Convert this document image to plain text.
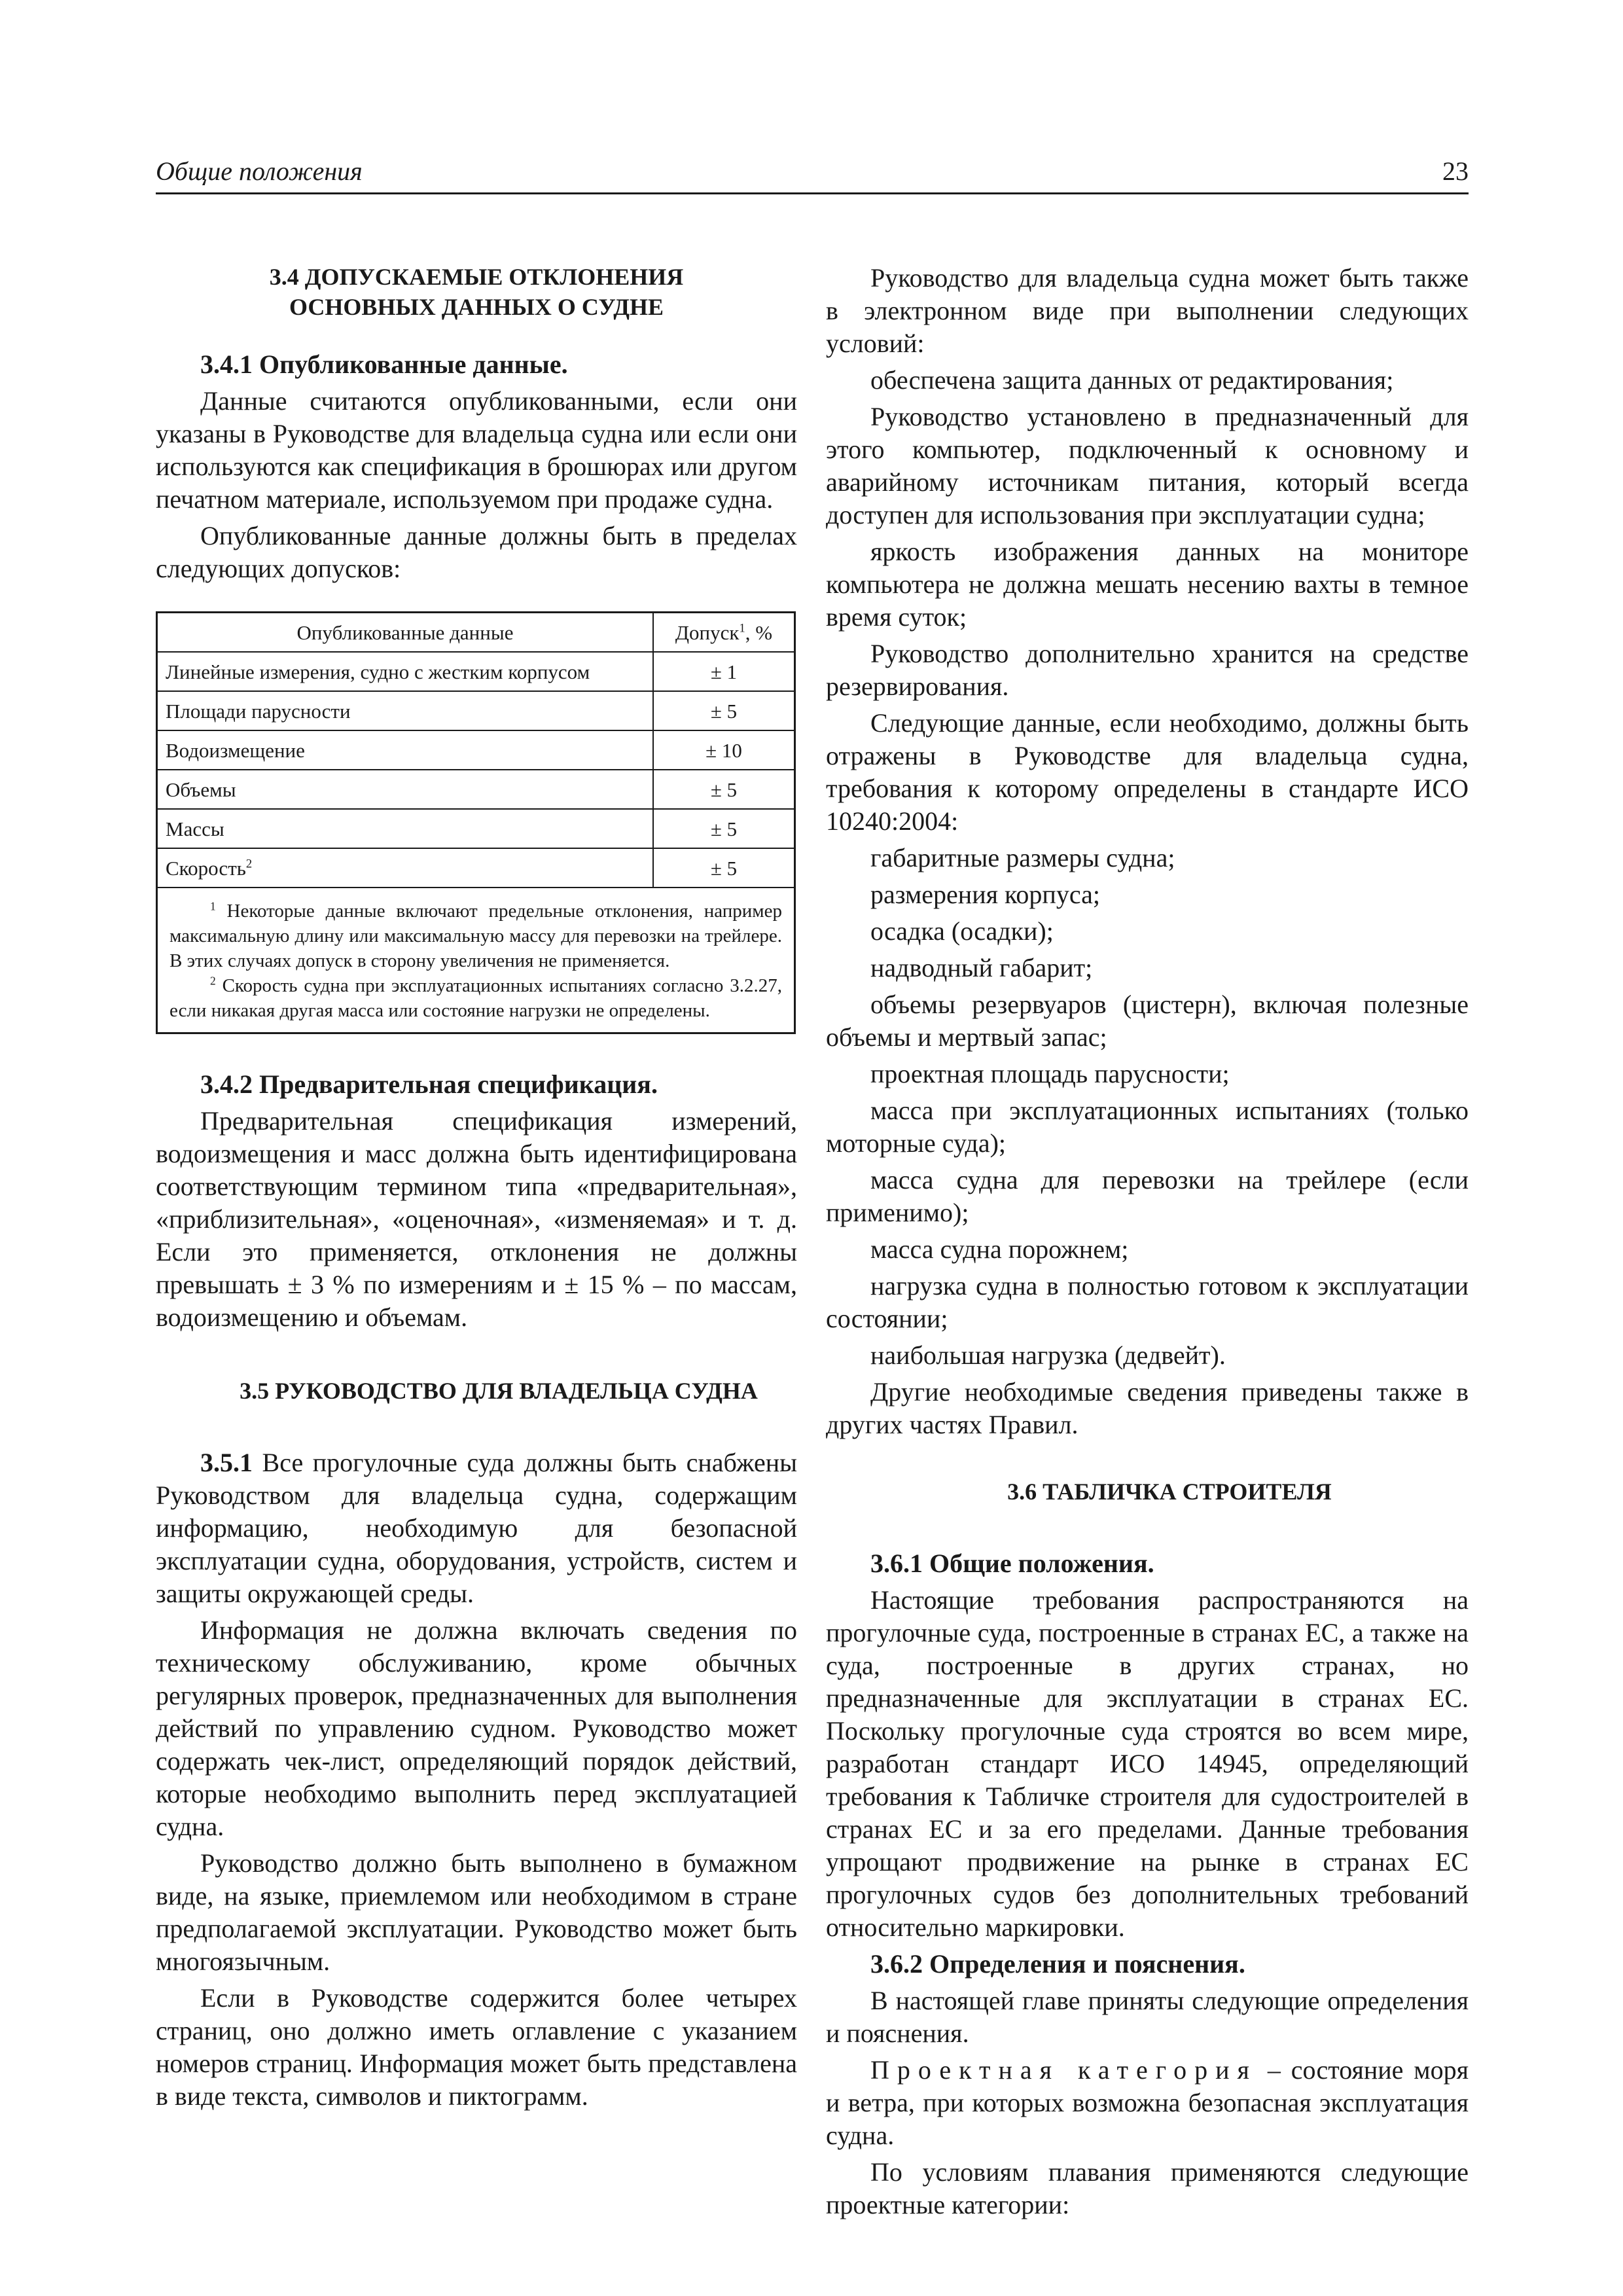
Общие положения	23
3.4 ДОПУСКАЕМЫЕ ОТКЛОНЕНИЯ
ОСНОВНЫХ ДАННЫХ О СУДНЕ

3.4.1 Опубликованные данные.

Данные считаются опубликованными, если они указаны в Руководстве для владельца судна или если они используются как спецификация в брошюрах или другом печатном материале, используемом при продаже судна.

Опубликованные данные должны быть в пределах следующих допусков:

Опубликованные данные	Допуск$^1$, %
Линейные измерения, судно с жестким корпусом	± 1
Площади парусности	± 5
Водоизмещение	± 10
Объемы	± 5
Массы	± 5
Скорость$^2$	± 5

$^1$ Некоторые данные включают предельные отклонения, например максимальную длину или максимальную массу для перевозки на трейлере. В этих случаях допуск в сторону увеличения не применяется.
$^2$ Скорость судна при эксплуатационных испытаниях согласно 3.2.27, если никакая другая масса или состояние нагрузки не определены.	

3.4.2 Предварительная спецификация.

Предварительная спецификация измерений, водоизмещения и масс должна быть идентифицирована соответствующим термином типа «предварительная», «приблизительная», «оценочная», «изменяемая» и т. д. Если это применяется, отклонения не должны превышать ± 3 % по измерениям и ± 15 % – по массам, водоизмещению и объемам.

3.5 РУКОВОДСТВО ДЛЯ ВЛАДЕЛЬЦА СУДНА

3.5.1 Все прогулочные суда должны быть снабжены Руководством для владельца судна, содержащим информацию, необходимую для безопасной эксплуатации судна, оборудования, устройств, систем и защиты окружающей среды.

Информация не должна включать сведения по техническому обслуживанию, кроме обычных регулярных проверок, предназначенных для выполнения действий по управлению судном. Руководство может содержать чек-лист, определяющий порядок действий, которые необходимо выполнить перед эксплуатацией судна.

Руководство должно быть выполнено в бумажном виде, на языке, приемлемом или необходимом в стране предполагаемой эксплуатации. Руководство может быть многоязычным.

Если в Руководстве содержится более четырех страниц, оно должно иметь оглавление с указанием номеров страниц. Информация может быть представлена в виде текста, символов и пиктограмм.

Руководство для владельца судна может быть также в электронном виде при выполнении следующих условий:

обеспечена защита данных от редактирования;

Руководство установлено в предназначенный для этого компьютер, подключенный к основному и аварийному источникам питания, который всегда доступен для использования при эксплуатации судна;

яркость изображения данных на мониторе компьютера не должна мешать несению вахты в темное время суток;

Руководство дополнительно хранится на средстве резервирования.

Следующие данные, если необходимо, должны быть отражены в Руководстве для владельца судна, требования к которому определены в стандарте ИСО 10240:2004:

габаритные размеры судна;

размерения корпуса;

осадка (осадки);

надводный габарит;

объемы резервуаров (цистерн), включая полезные объемы и мертвый запас;

проектная площадь парусности;

масса при эксплуатационных испытаниях (только моторные суда);

масса судна для перевозки на трейлере (если применимо);

масса судна порожнем;

нагрузка судна в полностью готовом к эксплуатации состоянии;

наибольшая нагрузка (дедвейт).

Другие необходимые сведения приведены также в других частях Правил.

3.6 ТАБЛИЧКА СТРОИТЕЛЯ

3.6.1 Общие положения.

Настоящие требования распространяются на прогулочные суда, построенные в странах ЕС, а также на суда, построенные в других странах, но предназначенные для эксплуатации в странах ЕС. Поскольку прогулочные суда строятся во всем мире, разработан стандарт ИСО 14945, определяющий требования к Табличке строителя для судостроителей в странах ЕС и за его пределами. Данные требования упрощают продвижение на рынке в странах ЕС прогулочных судов без дополнительных требований относительно маркировки.

3.6.2 Определения и пояснения.

В настоящей главе приняты следующие определения и пояснения.

Проектная категория – состояние моря и ветра, при которых возможна безопасная эксплуатация судна.

По условиям плавания применяются следующие проектные категории:
